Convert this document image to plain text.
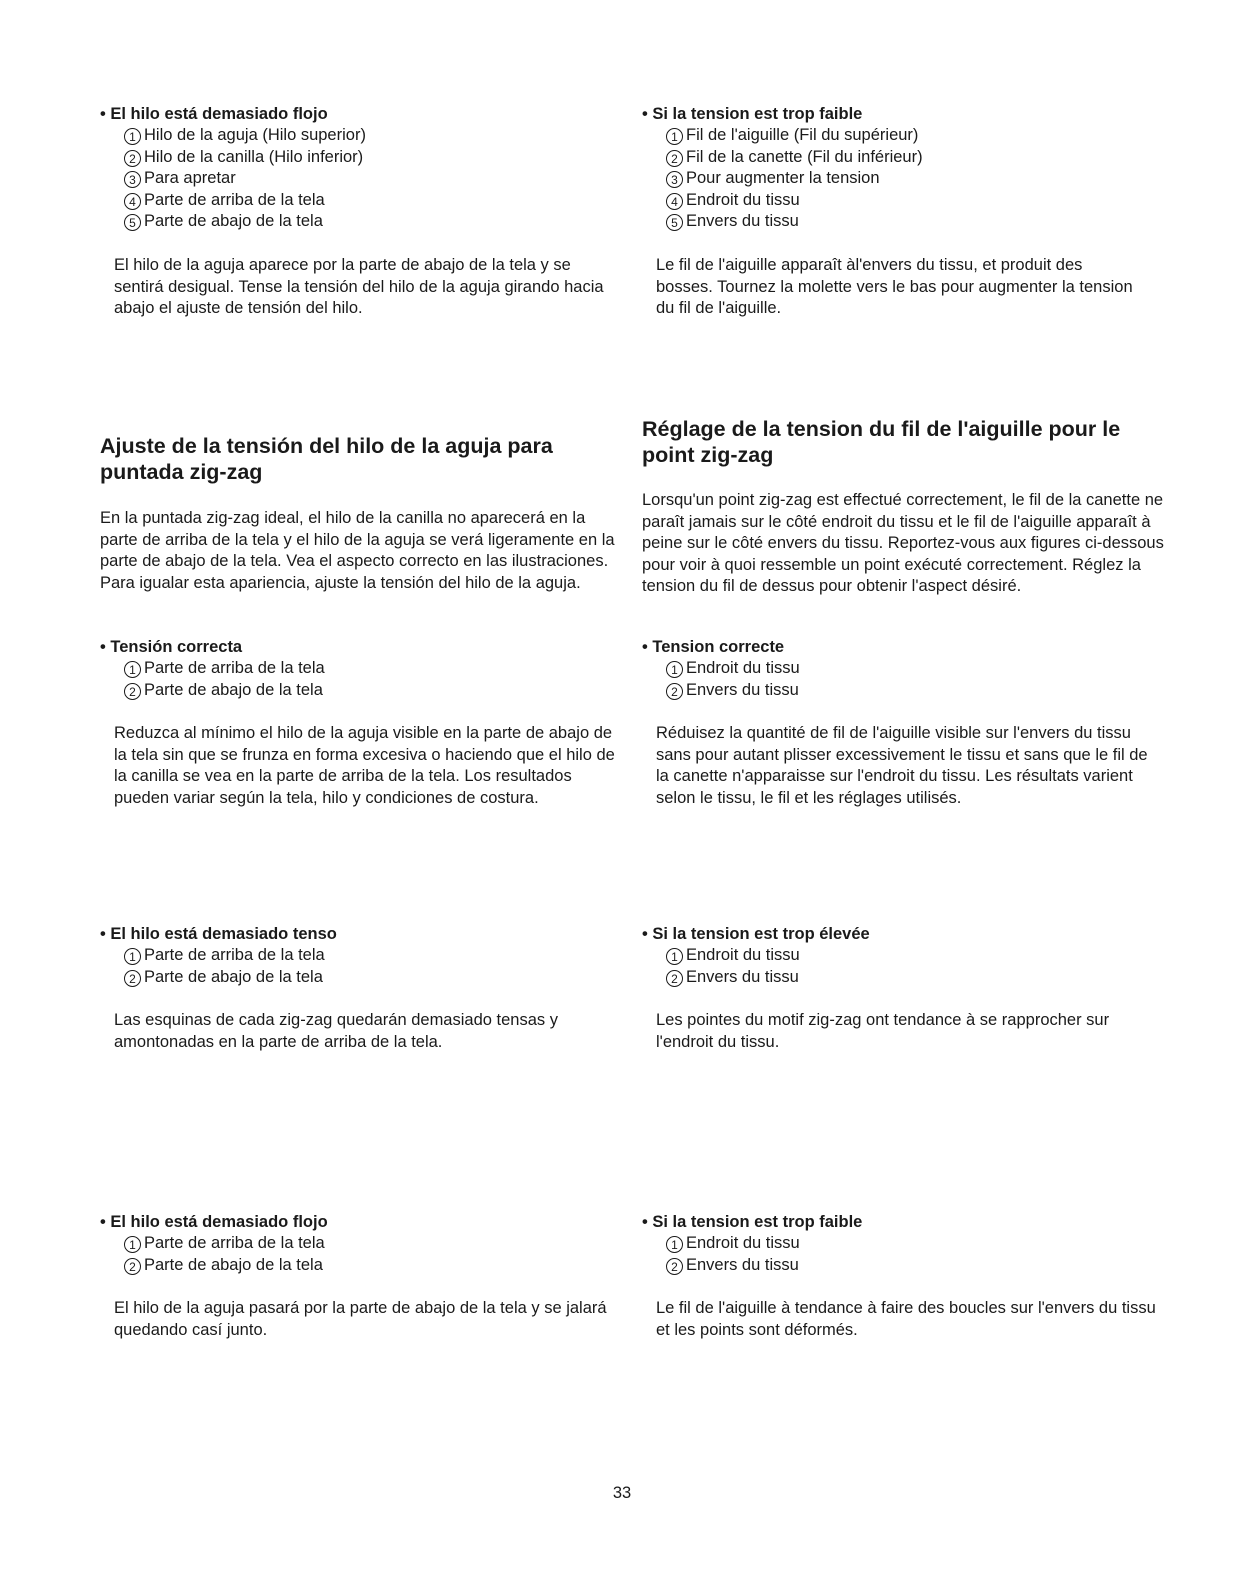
• El hilo está demasiado flojo

1 Hilo de la aguja (Hilo superior)
2 Hilo de la canilla (Hilo inferior)
3 Para apretar
4 Parte de arriba de la tela
5 Parte de abajo de la tela

El hilo de la aguja aparece por la parte de abajo de la tela y se sentirá desigual. Tense la tensión del hilo de la aguja girando hacia abajo el ajuste de tensión del hilo.

Ajuste de la tensión del hilo de la aguja para puntada zig-zag

En la puntada zig-zag ideal, el hilo de la canilla no aparecerá en la parte de arriba de la tela y el hilo de la aguja se verá ligeramente en la parte de abajo de la tela. Vea el aspecto correcto en las ilustraciones. Para igualar esta apariencia, ajuste la tensión del hilo de la aguja.

• Tensión correcta

1 Parte de arriba de la tela
2 Parte de abajo de la tela

Reduzca al mínimo el hilo de la aguja visible en la parte de abajo de la tela sin que se frunza en forma excesiva o haciendo que el hilo de la canilla se vea en la parte de arriba de la tela. Los resultados pueden variar según la tela, hilo y condiciones de costura.

• El hilo está demasiado tenso

1 Parte de arriba de la tela
2 Parte de abajo de la tela

Las esquinas de cada zig-zag quedarán demasiado tensas y amontonadas en la parte de arriba de la tela.

• El hilo está demasiado flojo

1 Parte de arriba de la tela
2 Parte de abajo de la tela

El hilo de la aguja pasará por la parte de abajo de la tela y se jalará quedando casí junto.

• Si la tension est trop faible

1 Fil de l'aiguille (Fil du supérieur)
2 Fil de la canette (Fil du inférieur)
3 Pour augmenter la tension
4 Endroit du tissu
5 Envers du tissu

Le fil de l'aiguille apparaît àl'envers du tissu, et produit des bosses. Tournez la molette vers le bas pour augmenter la tension du fil de l'aiguille.

Réglage de la tension du fil de l'aiguille pour le point zig-zag

Lorsqu'un point zig-zag est effectué correctement, le fil de la canette ne paraît jamais sur le côté endroit du tissu et le fil de l'aiguille apparaît à peine sur le côté envers du tissu. Reportez-vous aux figures ci-dessous pour voir à quoi ressemble un point exécuté correctement. Réglez la tension du fil de dessus pour obtenir l'aspect désiré.

• Tension correcte

1 Endroit du tissu
2 Envers du tissu

Réduisez la quantité de fil de l'aiguille visible sur l'envers du tissu sans pour autant plisser excessivement le tissu et sans que le fil de la canette n'apparaisse sur l'endroit du tissu. Les résultats varient selon le tissu, le fil et les réglages utilisés.

• Si la tension est trop élevée

1 Endroit du tissu
2 Envers du tissu

Les pointes du motif zig-zag ont tendance à se rapprocher sur l'endroit du tissu.

• Si la tension est trop faible

1 Endroit du tissu
2 Envers du tissu

Le fil de l'aiguille à tendance à faire des boucles sur l'envers du tissu et les points sont déformés.

33
